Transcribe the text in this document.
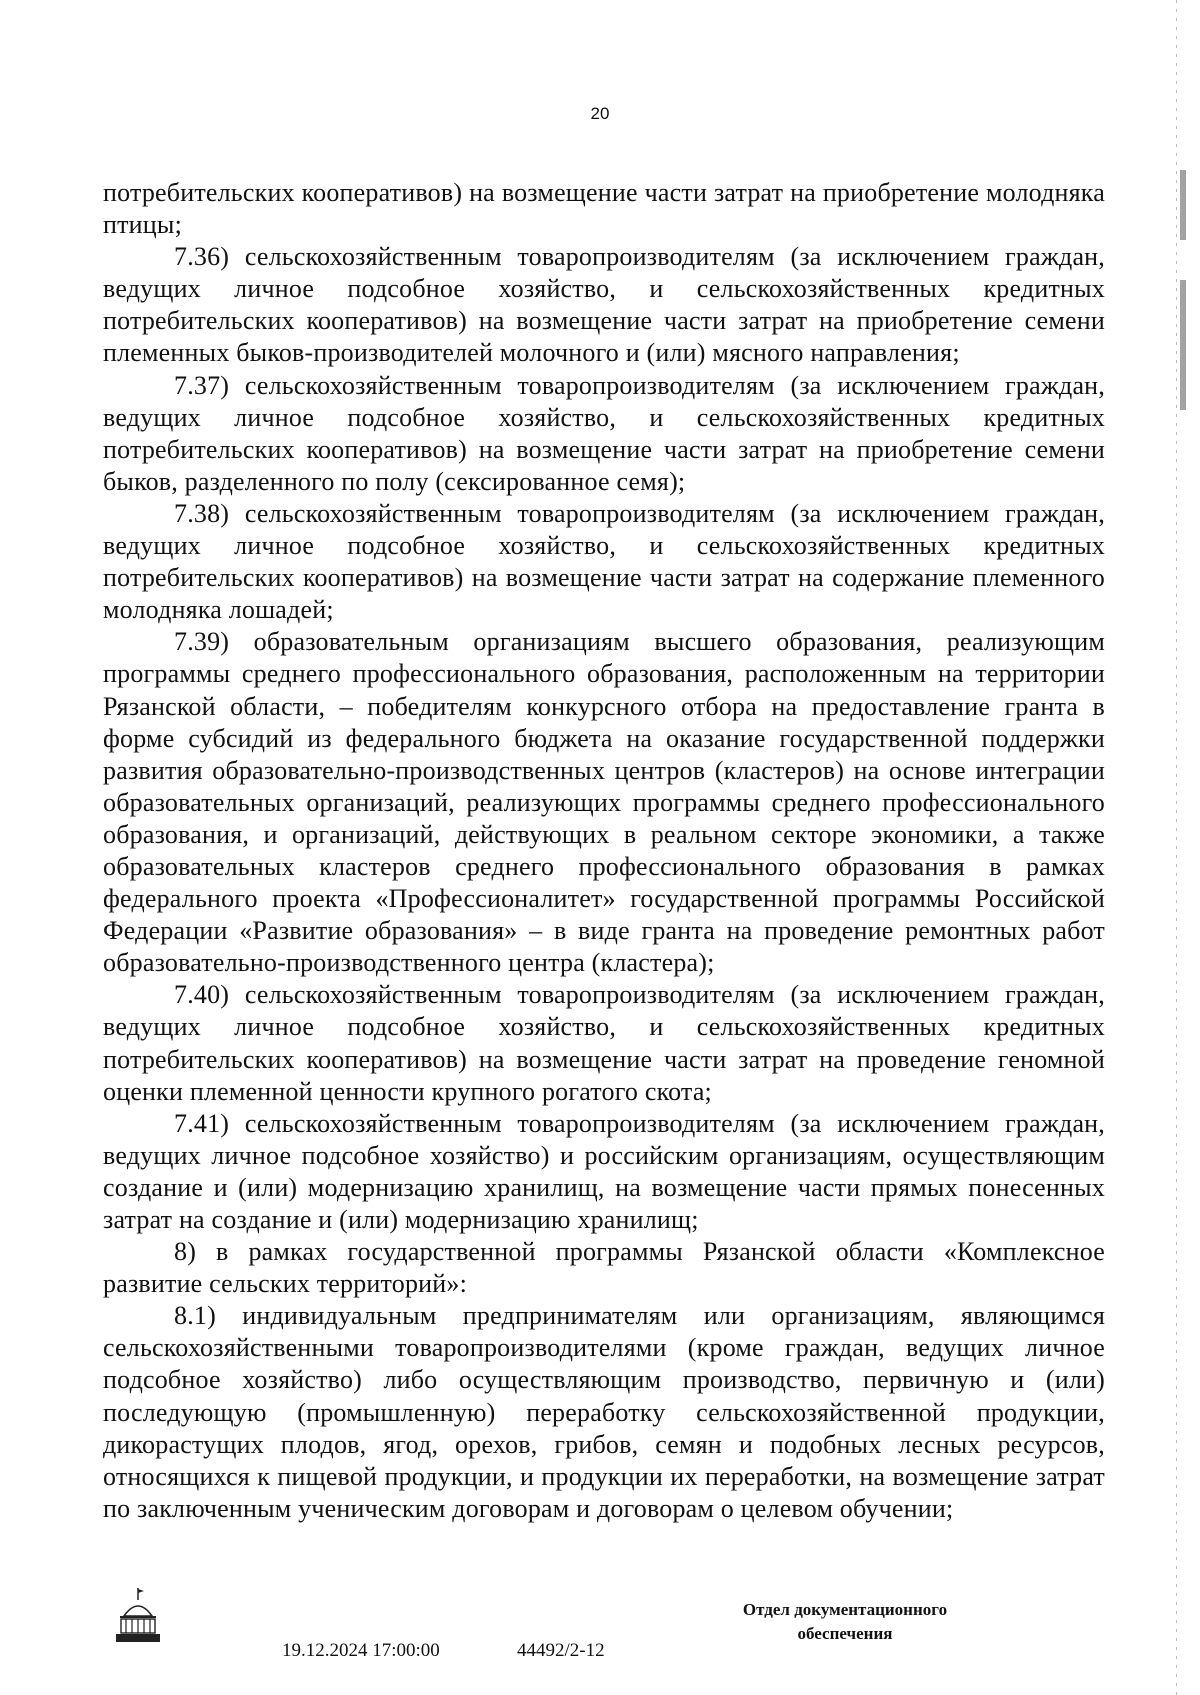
20

потребительских кооперативов) на возмещение части затрат на приобретение молодняка птицы;

7.36) сельскохозяйственным товаропроизводителям (за исключением граждан, ведущих личное подсобное хозяйство, и сельскохозяйственных кредитных потребительских кооперативов) на возмещение части затрат на приобретение семени племенных быков-производителей молочного и (или) мясного направления;

7.37) сельскохозяйственным товаропроизводителям (за исключением граждан, ведущих личное подсобное хозяйство, и сельскохозяйственных кредитных потребительских кооперативов) на возмещение части затрат на приобретение семени быков, разделенного по полу (сексированное семя);

7.38) сельскохозяйственным товаропроизводителям (за исключением граждан, ведущих личное подсобное хозяйство, и сельскохозяйственных кредитных потребительских кооперативов) на возмещение части затрат на содержание племенного молодняка лошадей;

7.39) образовательным организациям высшего образования, реализующим программы среднего профессионального образования, расположенным на территории Рязанской области, – победителям конкурсного отбора на предоставление гранта в форме субсидий из федерального бюджета на оказание государственной поддержки развития образовательно-производственных центров (кластеров) на основе интеграции образовательных организаций, реализующих программы среднего профессионального образования, и организаций, действующих в реальном секторе экономики, а также образовательных кластеров среднего профессионального образования в рамках федерального проекта «Профессионалитет» государственной программы Российской Федерации «Развитие образования» – в виде гранта на проведение ремонтных работ образовательно-производственного центра (кластера);

7.40) сельскохозяйственным товаропроизводителям (за исключением граждан, ведущих личное подсобное хозяйство, и сельскохозяйственных кредитных потребительских кооперативов) на возмещение части затрат на проведение геномной оценки племенной ценности крупного рогатого скота;

7.41) сельскохозяйственным товаропроизводителям (за исключением граждан, ведущих личное подсобное хозяйство) и российским организациям, осуществляющим создание и (или) модернизацию хранилищ, на возмещение части прямых понесенных затрат на создание и (или) модернизацию хранилищ;

8) в рамках государственной программы Рязанской области «Комплексное развитие сельских территорий»:

8.1) индивидуальным предпринимателям или организациям, являющимся сельскохозяйственными товаропроизводителями (кроме граждан, ведущих личное подсобное хозяйство) либо осуществляющим производство, первичную и (или) последующую (промышленную) переработку сельскохозяйственной продукции, дикорастущих плодов, ягод, орехов, грибов, семян и подобных лесных ресурсов, относящихся к пищевой продукции, и продукции их переработки, на возмещение затрат по заключенным ученическим договорам и договорам о целевом обучении;

19.12.2024 17:00:00	44492/2-12
Отдел документационного
обеспечения
